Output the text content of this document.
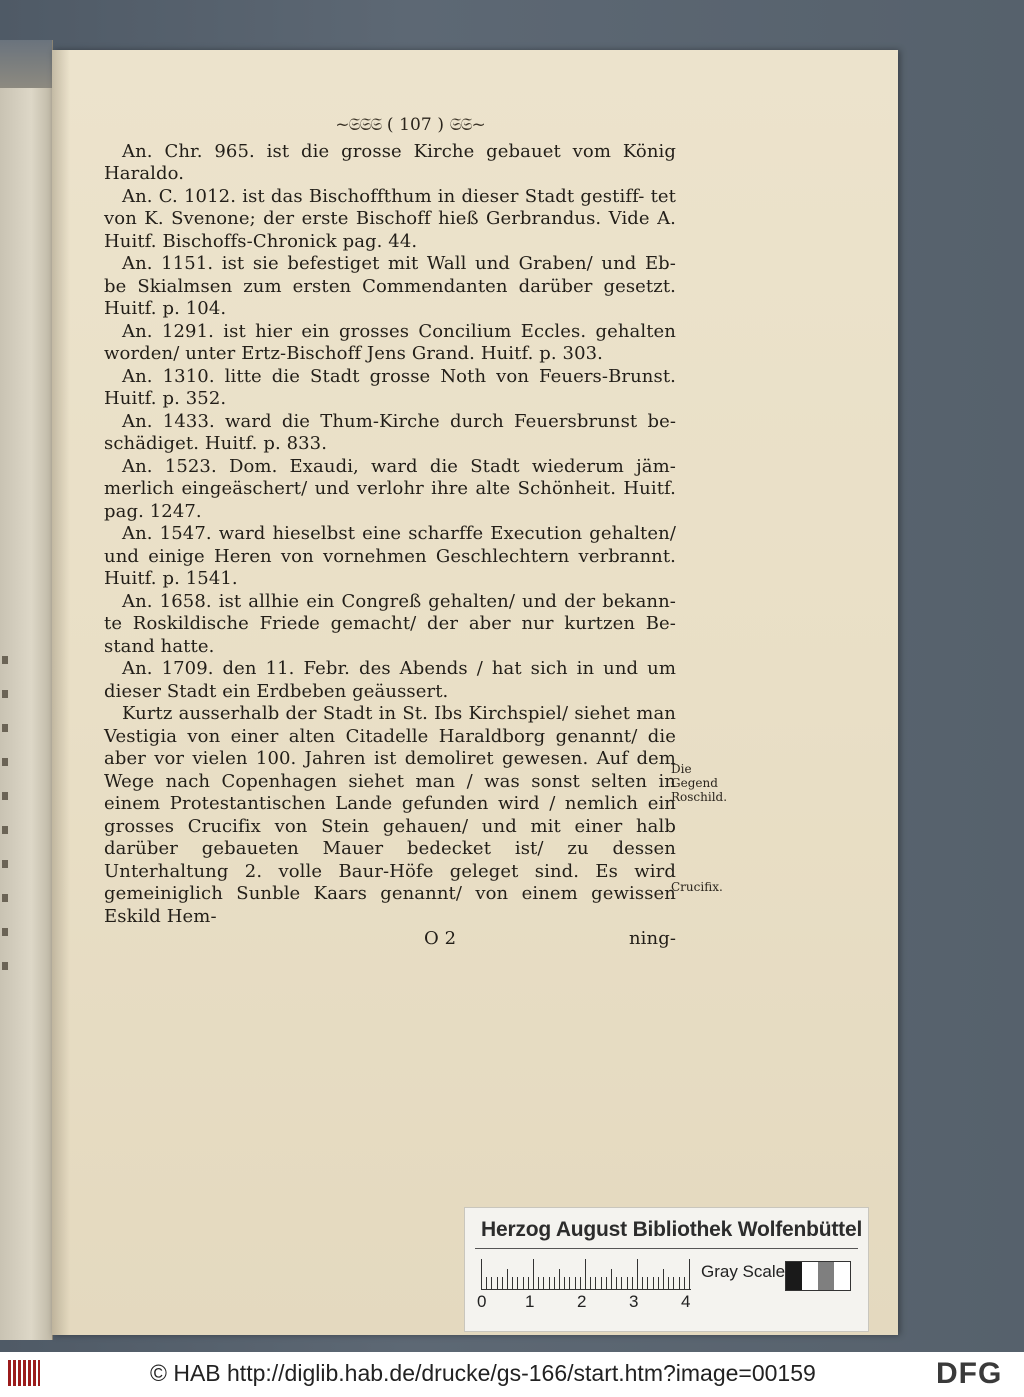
~𝔖𝔖𝔖 ( 107 ) 𝔖𝔖~

An. Chr. 965. ist die grosse Kirche gebauet vom König Haraldo.

An. C. 1012. ist das Bischoffthum in dieser Stadt gestiff- tet von K. Svenone; der erste Bischoff hieß Gerbrandus. Vide A. Huitf. Bischoffs-Chronick pag. 44.

An. 1151. ist sie befestiget mit Wall und Graben/ und Eb- be Skialmsen zum ersten Commendanten darüber gesetzt. Huitf. p. 104.

An. 1291. ist hier ein grosses Concilium Eccles. gehalten worden/ unter Ertz-Bischoff Jens Grand. Huitf. p. 303.

An. 1310. litte die Stadt grosse Noth von Feuers-Brunst. Huitf. p. 352.

An. 1433. ward die Thum-Kirche durch Feuersbrunst be- schädiget. Huitf. p. 833.

An. 1523. Dom. Exaudi, ward die Stadt wiederum jäm- merlich eingeäschert/ und verlohr ihre alte Schönheit. Huitf. pag. 1247.

An. 1547. ward hieselbst eine scharffe Execution gehalten/ und einige Heren von vornehmen Geschlechtern verbrannt. Huitf. p. 1541.

An. 1658. ist allhie ein Congreß gehalten/ und der bekann- te Roskildische Friede gemacht/ der aber nur kurtzen Be- stand hatte.

An. 1709. den 11. Febr. des Abends / hat sich in und um dieser Stadt ein Erdbeben geäussert.

Kurtz ausserhalb der Stadt in St. Ibs Kirchspiel/ siehet man Vestigia von einer alten Citadelle Haraldborg genannt/ die aber vor vielen 100. Jahren ist demoliret gewesen. Auf dem Wege nach Copenhagen siehet man / was sonst selten in einem Protestantischen Lande gefunden wird / nemlich ein grosses Crucifix von Stein gehauen/ und mit einer halb darüber gebaueten Mauer bedecket ist/ zu dessen Unterhaltung 2. volle Baur-Höfe geleget sind. Es wird gemeiniglich Sunble Kaars genannt/ von einem gewissen Eskild Hem-

O 2	ning-
Die
Gegend
Roschild.
Crucifix.
Herzog August Bibliothek Wolfenbüttel
0 1	2	3	4
Gray Scale
© HAB http://diglib.hab.de/drucke/gs-166/start.htm?image=00159	DFG
